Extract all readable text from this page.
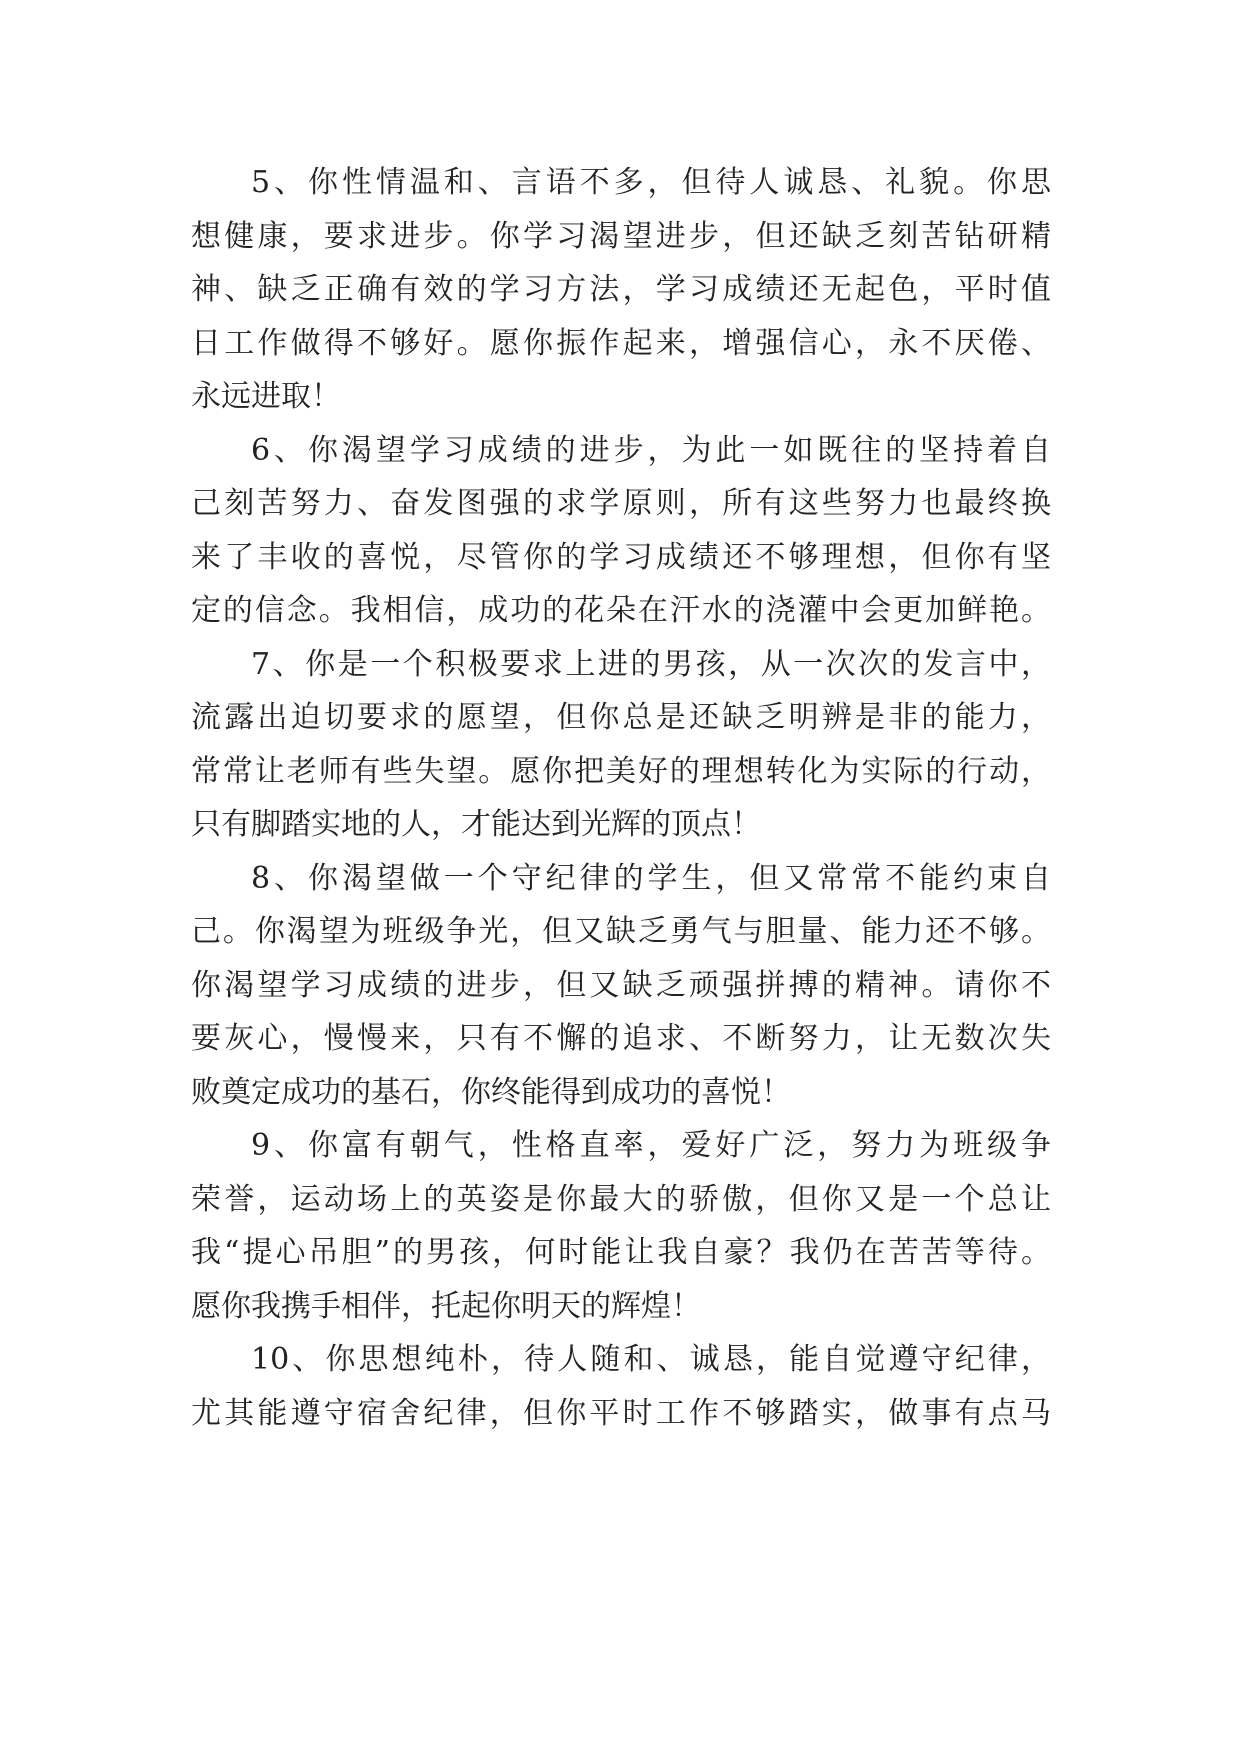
5、你性情温和、言语不多，但待人诚恳、礼貌。你思
想健康，要求进步。你学习渴望进步，但还缺乏刻苦钻研精
神、缺乏正确有效的学习方法，学习成绩还无起色，平时值
日工作做得不够好。愿你振作起来，增强信心，永不厌倦、
永远进取！

6、你渴望学习成绩的进步，为此一如既往的坚持着自
己刻苦努力、奋发图强的求学原则，所有这些努力也最终换
来了丰收的喜悦，尽管你的学习成绩还不够理想，但你有坚
定的信念。我相信，成功的花朵在汗水的浇灌中会更加鲜艳。

7、你是一个积极要求上进的男孩，从一次次的发言中，
流露出迫切要求的愿望，但你总是还缺乏明辨是非的能力，
常常让老师有些失望。愿你把美好的理想转化为实际的行动，
只有脚踏实地的人，才能达到光辉的顶点！

8、你渴望做一个守纪律的学生，但又常常不能约束自
己。你渴望为班级争光，但又缺乏勇气与胆量、能力还不够。
你渴望学习成绩的进步，但又缺乏顽强拼搏的精神。请你不
要灰心，慢慢来，只有不懈的追求、不断努力，让无数次失
败奠定成功的基石，你终能得到成功的喜悦！

9、你富有朝气，性格直率，爱好广泛，努力为班级争
荣誉，运动场上的英姿是你最大的骄傲，但你又是一个总让
我“提心吊胆”的男孩，何时能让我自豪？我仍在苦苦等待。
愿你我携手相伴，托起你明天的辉煌！

10、你思想纯朴，待人随和、诚恳，能自觉遵守纪律，
尤其能遵守宿舍纪律，但你平时工作不够踏实，做事有点马
